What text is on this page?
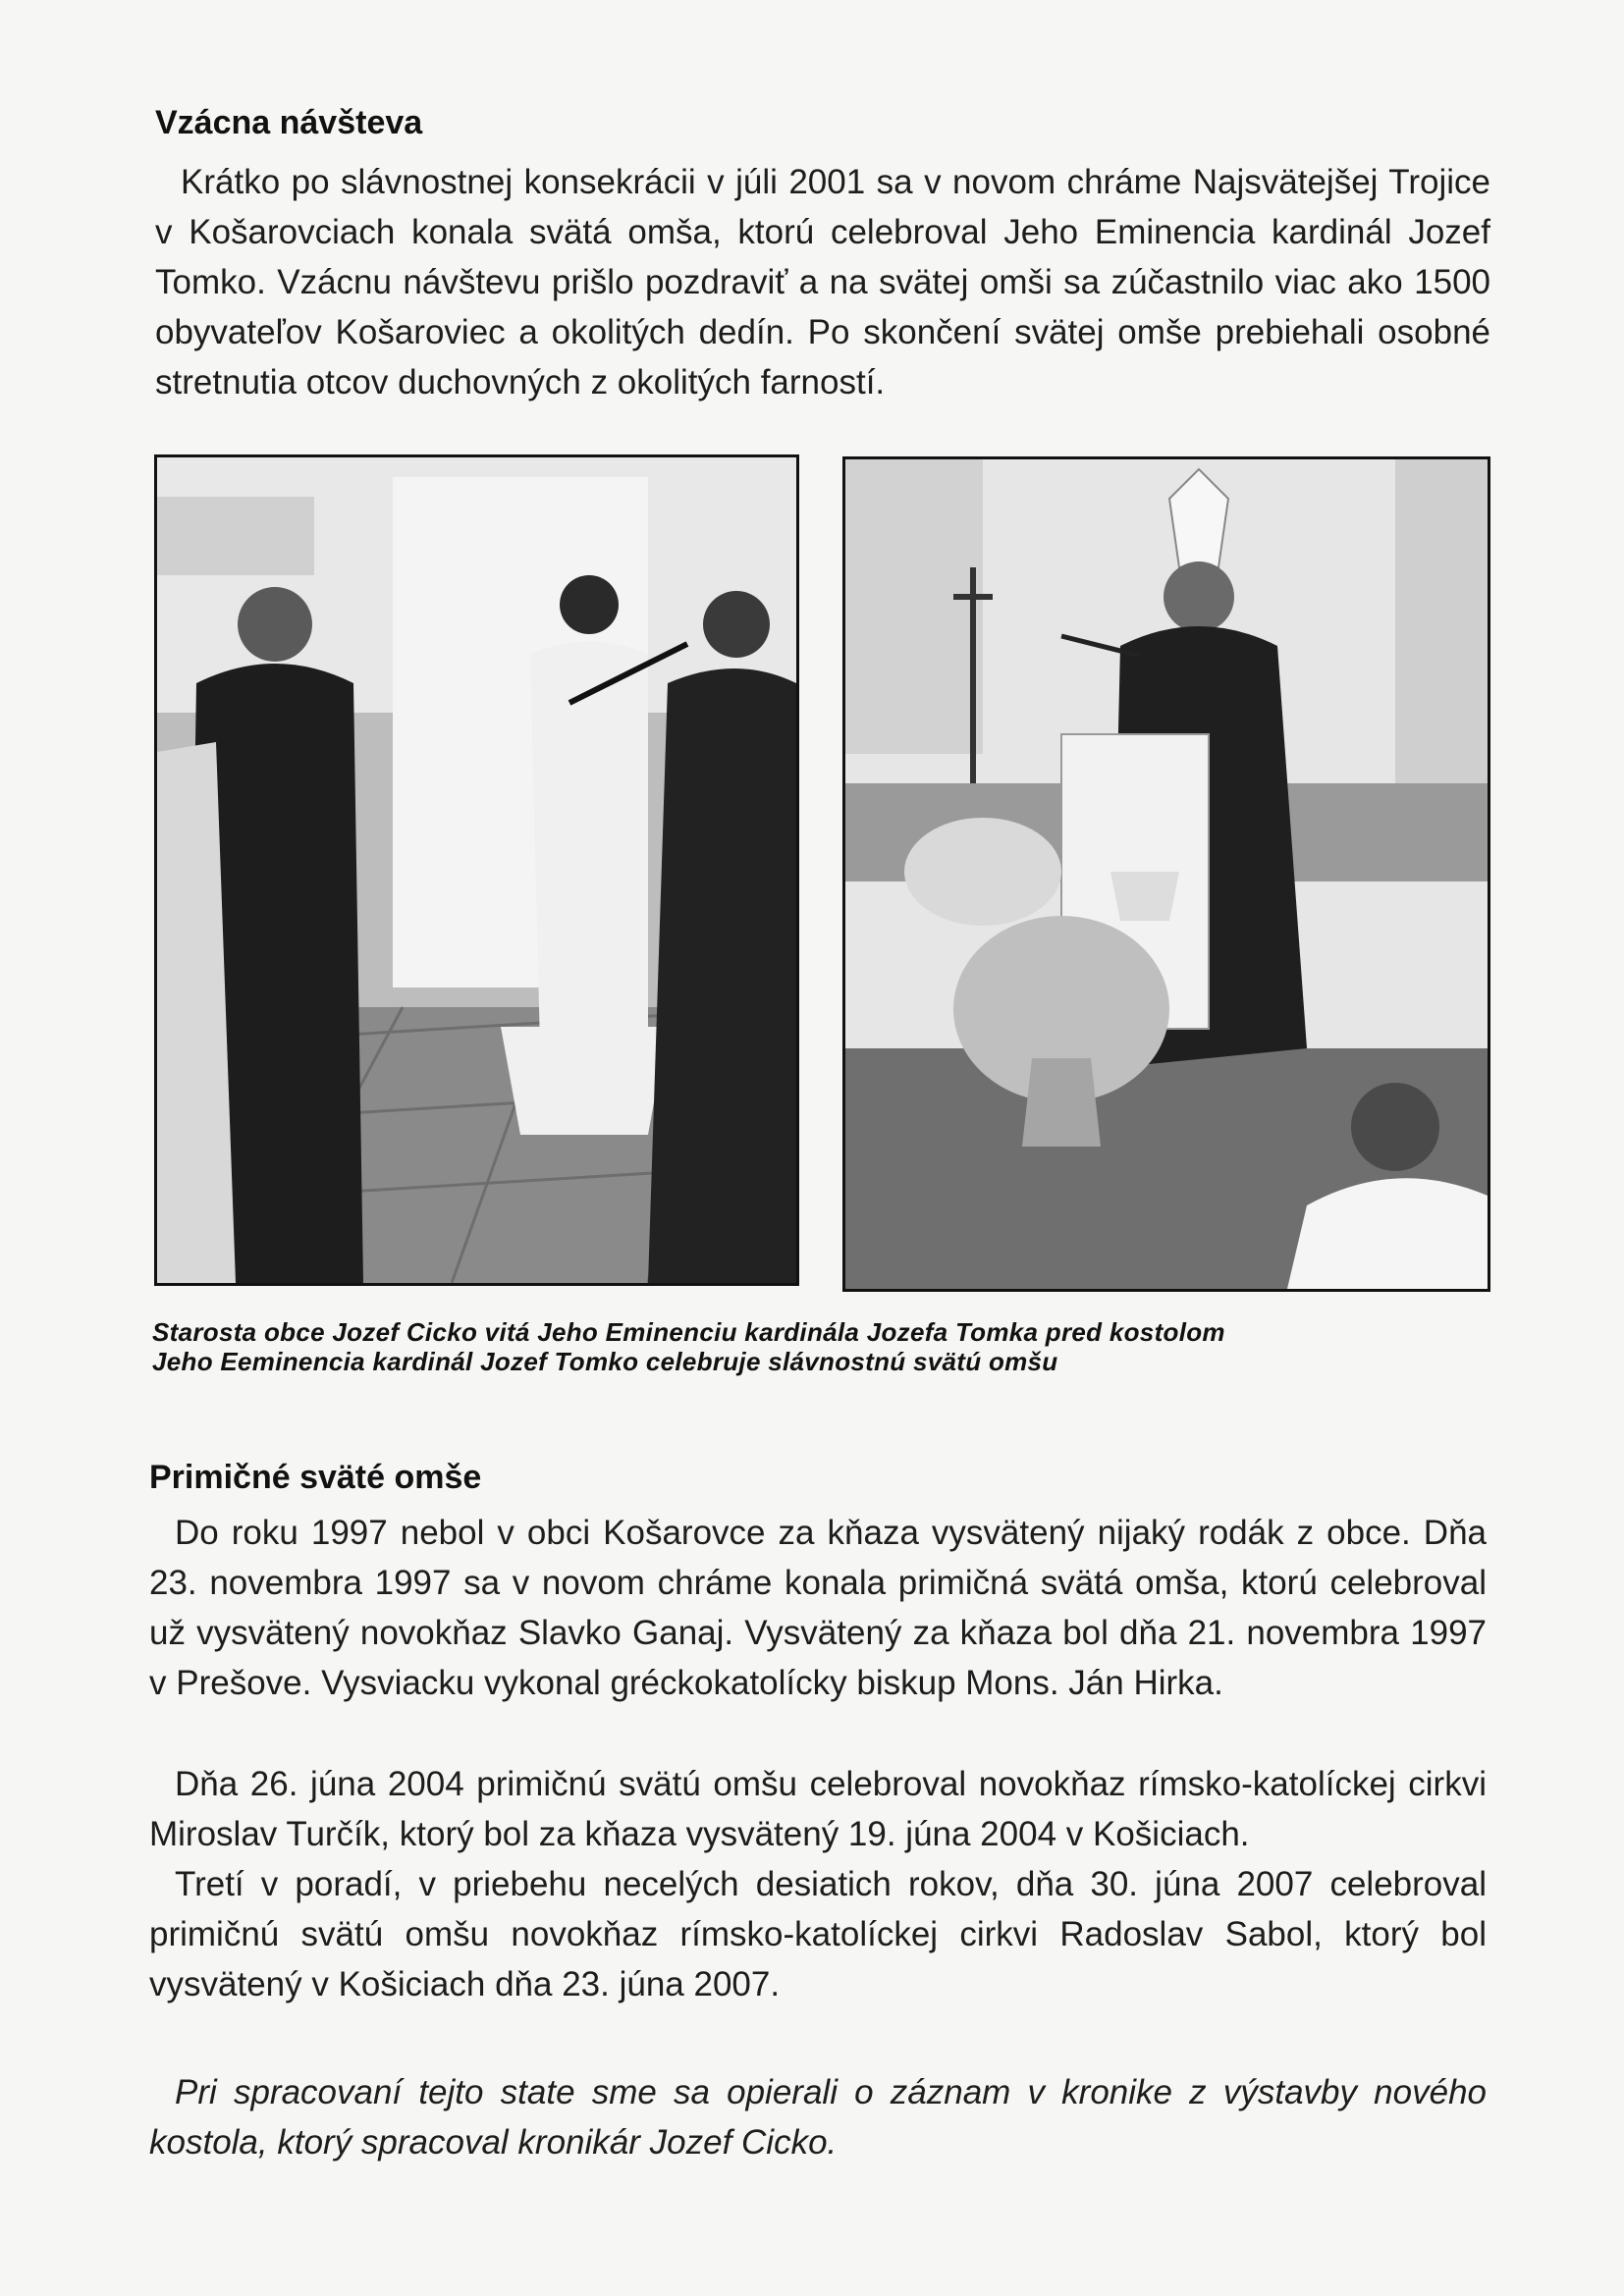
Vzácna návšteva

Krátko po slávnostnej konsekrácii v júli 2001 sa v novom chráme Najsvätejšej Trojice v Košarovciach konala svätá omša, ktorú celebroval Jeho Eminencia kardinál Jozef Tomko. Vzácnu návštevu prišlo pozdraviť a na svätej omši sa zúčastnilo viac ako 1500 obyvateľov Košaroviec a okolitých dedín. Po skončení svätej omše prebiehali osobné stretnutia otcov duchovných z okolitých farností.

Starosta obce Jozef Cicko vitá Jeho Eminenciu kardinála Jozefa Tomka pred kostolom

Jeho Eeminencia kardinál Jozef Tomko celebruje slávnostnú svätú omšu

Primičné sväté omše

Do roku 1997 nebol v obci Košarovce za kňaza vysvätený nijaký rodák z obce. Dňa 23. novembra 1997 sa v novom chráme konala primičná svätá omša, ktorú celebroval už vysvätený novokňaz Slavko Ganaj. Vysvätený za kňaza bol dňa 21. novembra 1997 v Prešove. Vysviacku vykonal gréckokatolícky biskup Mons. Ján Hirka.

Dňa 26. júna 2004 primičnú svätú omšu celebroval novokňaz rímsko-katolíckej cirkvi Miroslav Turčík, ktorý bol za kňaza vysvätený 19. júna 2004 v Košiciach.

Tretí v poradí, v priebehu necelých desiatich rokov, dňa 30. júna 2007 celebroval primičnú svätú omšu novokňaz rímsko-katolíckej cirkvi Radoslav Sabol, ktorý bol vysvätený v Košiciach dňa 23. júna 2007.

Pri spracovaní tejto state sme sa opierali o záznam v kronike z výstavby nového kostola, ktorý spracoval kronikár Jozef Cicko.
